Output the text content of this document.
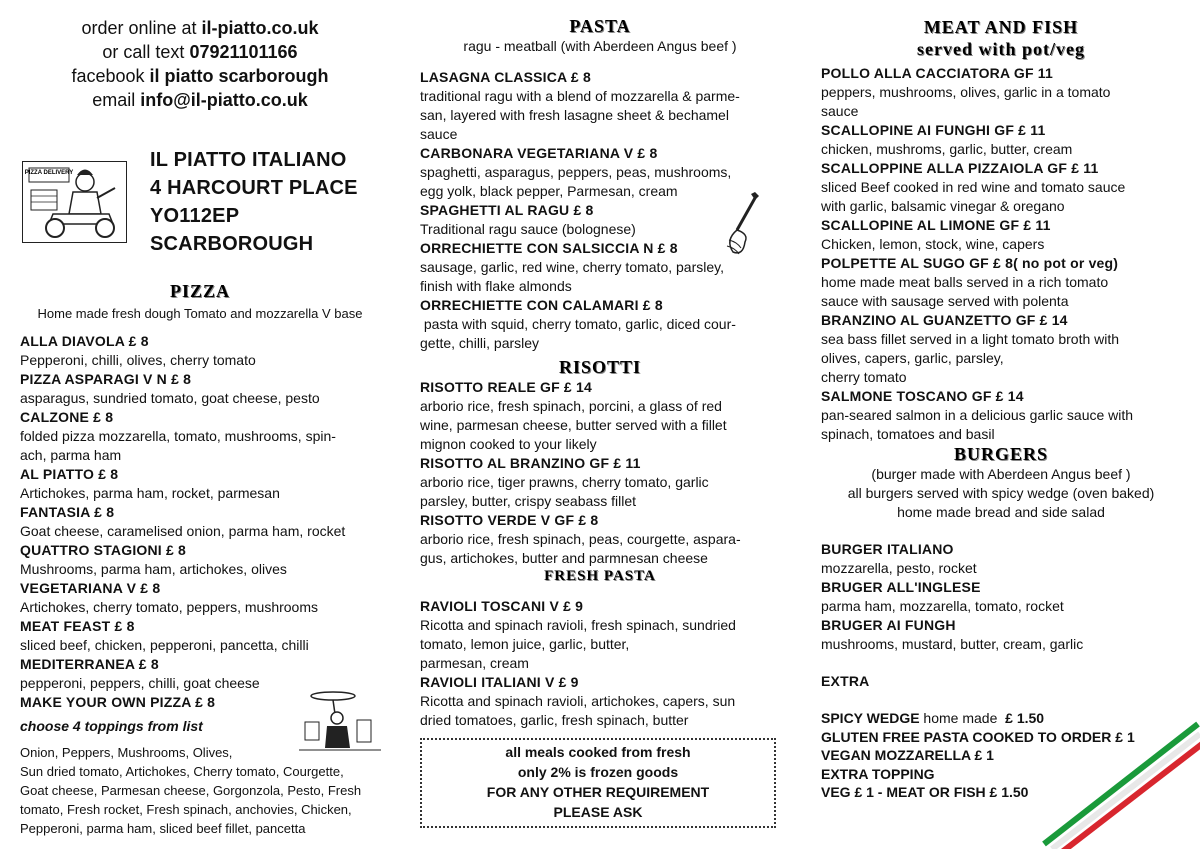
order online at il-piatto.co.uk
or call text 07921101166
facebook il piatto scarborough
email info@il-piatto.co.uk
PIZZA DELIVERY
IL PIATTO ITALIANO
4 HARCOURT PLACE
YO112EP
SCARBOROUGH
PIZZA
Home made fresh dough Tomato and mozzarella V base
ALLA DIAVOLA £ 8
Pepperoni, chilli, olives, cherry tomato
PIZZA ASPARAGI V N £ 8
asparagus, sundried tomato, goat cheese, pesto
CALZONE £ 8
folded pizza mozzarella, tomato, mushrooms, spin-
ach, parma ham
AL PIATTO £ 8
Artichokes, parma ham, rocket, parmesan
FANTASIA £ 8
Goat cheese, caramelised onion, parma ham, rocket
QUATTRO STAGIONI £ 8
Mushrooms, parma ham, artichokes, olives
VEGETARIANA V £ 8
Artichokes, cherry tomato, peppers, mushrooms
MEAT FEAST £ 8
sliced beef, chicken, pepperoni, pancetta, chilli
MEDITERRANEA £ 8
pepperoni, peppers, chilli, goat cheese
MAKE YOUR OWN PIZZA £ 8
choose 4 toppings from list
Onion, Peppers, Mushrooms, Olives,
Sun dried tomato, Artichokes, Cherry tomato, Courgette,
Goat cheese, Parmesan cheese, Gorgonzola, Pesto, Fresh
tomato, Fresh rocket, Fresh spinach, anchovies, Chicken,
Pepperoni, parma ham, sliced beef fillet, pancetta
PASTA
ragu - meatball (with Aberdeen Angus beef )
LASAGNA CLASSICA £ 8
traditional ragu with a blend of mozzarella & parme-
san, layered with fresh lasagne sheet & bechamel
sauce
CARBONARA VEGETARIANA V £ 8
spaghetti, asparagus, peppers, peas, mushrooms,
egg yolk, black pepper, Parmesan, cream
SPAGHETTI AL RAGU £ 8
Traditional ragu sauce (bolognese)
ORRECHIETTE CON SALSICCIA N £ 8
sausage, garlic, red wine, cherry tomato, parsley,
finish with flake almonds
ORRECHIETTE CON CALAMARI £ 8
pasta with squid, cherry tomato, garlic, diced cour-
gette, chilli, parsley
RISOTTI
RISOTTO REALE GF £ 14
arborio rice, fresh spinach, porcini, a glass of red
wine, parmesan cheese, butter served with a fillet
mignon cooked to your likely
RISOTTO AL BRANZINO GF £ 11
arborio rice, tiger prawns, cherry tomato, garlic
parsley, butter, crispy seabass fillet
RISOTTO VERDE V GF £ 8
arborio rice, fresh spinach, peas, courgette, aspara-
gus, artichokes, butter and parmnesan cheese
FRESH PASTA
RAVIOLI TOSCANI V £ 9
Ricotta and spinach ravioli, fresh spinach, sundried
tomato, lemon juice, garlic, butter,
parmesan, cream
RAVIOLI ITALIANI V £ 9
Ricotta and spinach ravioli, artichokes, capers, sun
dried tomatoes, garlic, fresh spinach, butter
all meals cooked from fresh
only 2% is frozen goods
FOR ANY OTHER REQUIREMENT
PLEASE ASK
MEAT AND FISH
served with pot/veg
POLLO ALLA CACCIATORA GF 11
peppers, mushrooms, olives, garlic in a tomato
sauce
SCALLOPINE AI FUNGHI GF £ 11
chicken, mushroms, garlic, butter, cream
SCALLOPPINE ALLA PIZZAIOLA GF £ 11
sliced Beef cooked in red wine and tomato sauce
with garlic, balsamic vinegar & oregano
SCALLOPINE AL LIMONE GF £ 11
Chicken, lemon, stock, wine, capers
POLPETTE AL SUGO GF £ 8( no pot or veg)
home made meat balls served in a rich tomato
sauce with sausage served with polenta
BRANZINO AL GUANZETTO GF £ 14
sea bass fillet served in a light tomato broth with
olives, capers, garlic, parsley,
cherry tomato
SALMONE TOSCANO GF £ 14
pan-seared salmon in a delicious garlic sauce with
spinach, tomatoes and basil
BURGERS
(burger made with Aberdeen Angus beef )
all burgers served with spicy wedge (oven baked)
home made bread and side salad
BURGER ITALIANO
mozzarella, pesto, rocket
BRUGER ALL'INGLESE
parma ham, mozzarella, tomato, rocket
BRUGER AI FUNGH
mushrooms, mustard, butter, cream, garlic
EXTRA
SPICY WEDGE home made  £ 1.50
GLUTEN FREE PASTA COOKED TO ORDER £ 1
VEGAN MOZZARELLA £ 1
EXTRA TOPPING
VEG £ 1 - MEAT OR FISH £ 1.50
